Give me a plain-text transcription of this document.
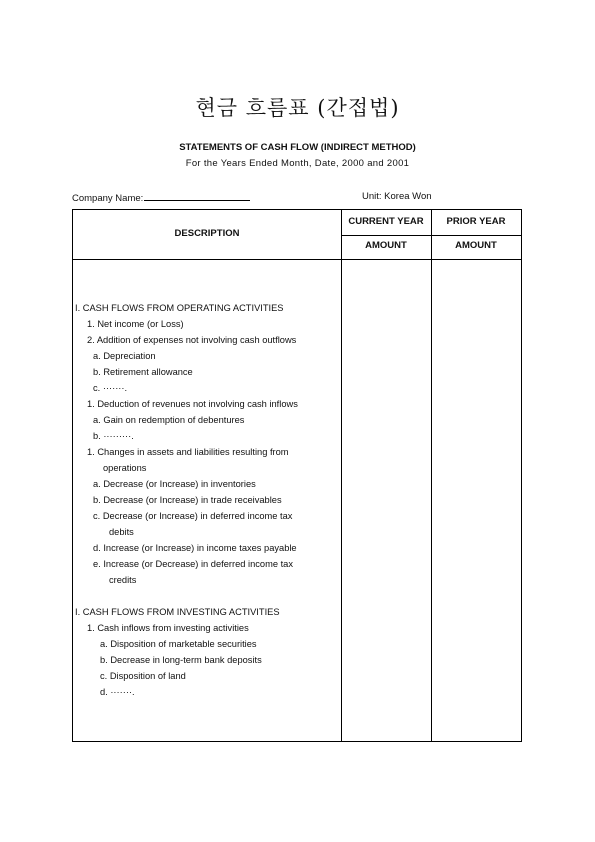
현금 흐름표 (간접법)
STATEMENTS OF CASH FLOW (INDIRECT METHOD)
For the Years Ended Month, Date, 2000 and 2001
Company Name:	Unit: Korea Won
DESCRIPTION
CURRENT YEAR	PRIOR YEAR
AMOUNT	AMOUNT
I. CASH FLOWS FROM OPERATING ACTIVITIES
1. Net income (or Loss)
2. Addition of expenses not involving cash outflows
a. Depreciation
b. Retirement allowance
c. ·······.
1. Deduction of revenues not involving cash inflows
a. Gain on redemption of debentures
b. ·········.
1. Changes in assets and liabilities resulting from
operations
a. Decrease (or Increase) in inventories
b. Decrease (or Increase) in trade receivables
c. Decrease (or Increase) in deferred income tax
debits
d. Increase (or Increase) in income taxes payable
e. Increase (or Decrease) in deferred income tax
credits
I. CASH FLOWS FROM INVESTING ACTIVITIES
1. Cash inflows from investing activities
a. Disposition of marketable securities
b. Decrease in long-term bank deposits
c. Disposition of land
d. ·······.
